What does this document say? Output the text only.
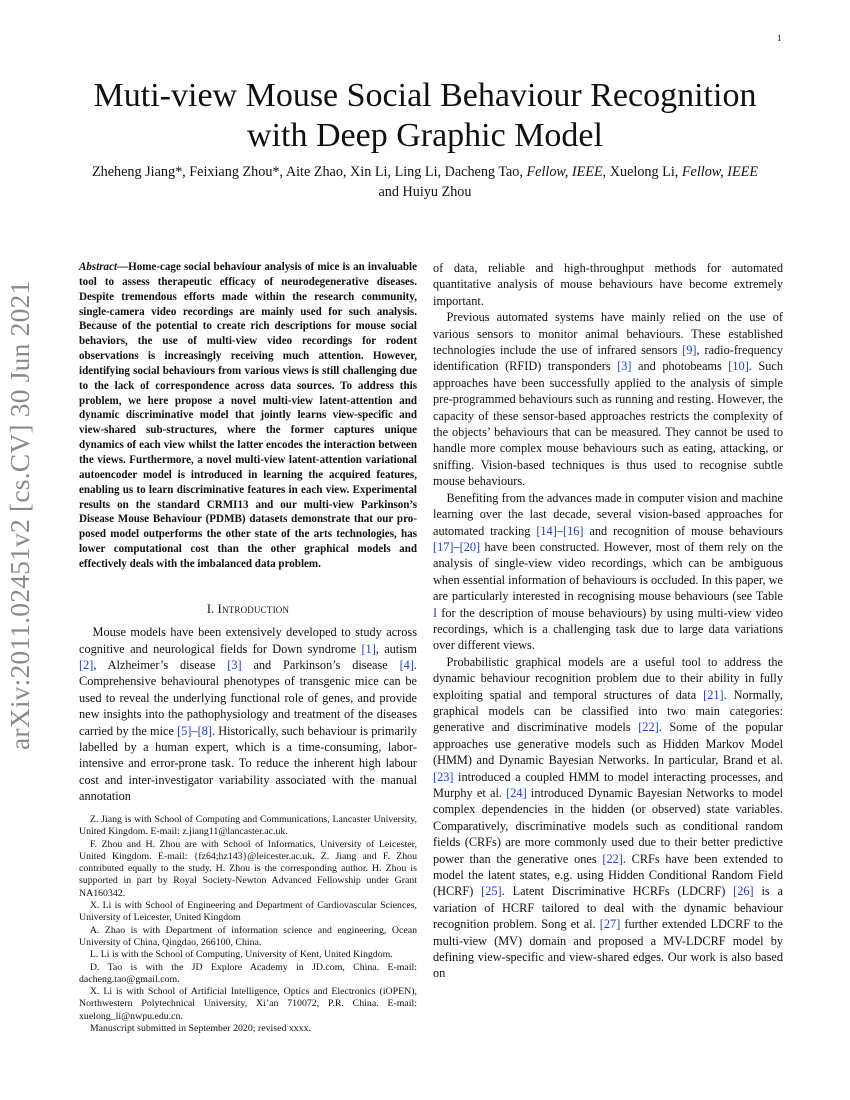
1
arXiv:2011.02451v2 [cs.CV] 30 Jun 2021
Muti-view Mouse Social Behaviour Recognition
with Deep Graphic Model
Zheheng Jiang*, Feixiang Zhou*, Aite Zhao, Xin Li, Ling Li, Dacheng Tao, Fellow, IEEE, Xuelong Li, Fellow, IEEE and Huiyu Zhou
Abstract—Home-cage social behaviour analysis of mice is an invaluable tool to assess therapeutic efficacy of neurodegenerative diseases. Despite tremendous efforts made within the research community, single-camera video recordings are mainly used for such analysis. Because of the potential to create rich descriptions for mouse social behaviors, the use of multi-view video recordings for rodent observations is increasingly receiving much attention. However, identifying social behaviours from various views is still challenging due to the lack of correspondence across data sources. To address this problem, we here propose a novel multi-view latent-attention and dynamic discriminative model that jointly learns view-specific and view-shared sub-structures, where the former captures unique dynamics of each view whilst the latter encodes the interaction between the views. Furthermore, a novel multi-view latent-attention variational autoencoder model is introduced in learning the acquired features, enabling us to learn discriminative features in each view. Experimental results on the standard CRMI13 and our multi-view Parkinson’s Disease Mouse Behaviour (PDMB) datasets demonstrate that our proposed model outperforms the other state of the arts technologies, has lower computational cost than the other graphical models and effectively deals with the imbalanced data problem.
I. Introduction

Mouse models have been extensively developed to study across cognitive and neurological fields for Down syndrome [1], autism [2], Alzheimer’s disease [3] and Parkinson’s disease [4]. Comprehensive behavioural phenotypes of transgenic mice can be used to reveal the underlying functional role of genes, and provide new insights into the pathophysiology and treatment of the diseases carried by the mice [5]–[8]. Historically, such behaviour is primarily labelled by a human expert, which is a time-consuming, labor-intensive and error-prone task. To reduce the inherent high labour cost and inter-investigator variability associated with the manual annotation

Z. Jiang is with School of Computing and Communications, Lancaster University, United Kingdom. E-mail: z.jiang11@lancaster.ac.uk.

F. Zhou and H. Zhou are with School of Informatics, University of Leicester, United Kingdom. E-mail: {fz64;hz143}@leicester.ac.uk. Z. Jiang and F. Zhou contributed equally to the study. H. Zhou is the corresponding author. H. Zhou is supported in part by Royal Society-Newton Advanced Fellowship under Grant NA160342.

X. Li is with School of Engineering and Department of Cardiovascular Sciences, University of Leicester, United Kingdom

A. Zhao is with Department of information science and engineering, Ocean University of China, Qingdao, 266100, China.

L. Li is with the School of Computing, University of Kent, United Kingdom.

D. Tao is with the JD Explore Academy in JD.com, China. E-mail: dacheng.tao@gmail.com.

X. Li is with School of Artificial Intelligence, Optics and Electronics (iOPEN), Northwestern Polytechnical University, Xi’an 710072, P.R. China. E-mail: xuelong_li@nwpu.edu.cn.

Manuscript submitted in September 2020; revised xxxx.

of data, reliable and high-throughput methods for automated quantitative analysis of mouse behaviours have become extremely important.

Previous automated systems have mainly relied on the use of various sensors to monitor animal behaviours. These established technologies include the use of infrared sensors [9], radio-frequency identification (RFID) transponders [3] and photobeams [10]. Such approaches have been successfully applied to the analysis of simple pre-programmed behaviours such as running and resting. However, the capacity of these sensor-based approaches restricts the complexity of the objects’ behaviours that can be measured. They cannot be used to handle more complex mouse behaviours such as eating, attacking, or sniffing. Vision-based techniques is thus used to recognise subtle mouse behaviours.

Benefiting from the advances made in computer vision and machine learning over the last decade, several vision-based approaches for automated tracking [14]–[16] and recognition of mouse behaviours [17]–[20] have been constructed. However, most of them rely on the analysis of single-view video recordings, which can be ambiguous when essential information of behaviours is occluded. In this paper, we are particularly interested in recognising mouse behaviours (see Table I for the description of mouse behaviours) by using multi-view video recordings, which is a challenging task due to large data variations over different views.

Probabilistic graphical models are a useful tool to address the dynamic behaviour recognition problem due to their ability in fully exploiting spatial and temporal structures of data [21]. Normally, graphical models can be classified into two main categories: generative and discriminative models [22]. Some of the popular approaches use generative models such as Hidden Markov Model (HMM) and Dynamic Bayesian Networks. In particular, Brand et al. [23] introduced a coupled HMM to model interacting processes, and Murphy et al. [24] introduced Dynamic Bayesian Networks to model complex dependencies in the hidden (or observed) state variables. Comparatively, discriminative models such as conditional random fields (CRFs) are more commonly used due to their better predictive power than the generative ones [22]. CRFs have been extended to model the latent states, e.g. using Hidden Conditional Random Field (HCRF) [25]. Latent Discriminative HCRFs (LDCRF) [26] is a variation of HCRF tailored to deal with the dynamic behaviour recognition problem. Song et al. [27] further extended LDCRF to the multi-view (MV) domain and proposed a MV-LDCRF model by defining view-specific and view-shared edges. Our work is also based on
